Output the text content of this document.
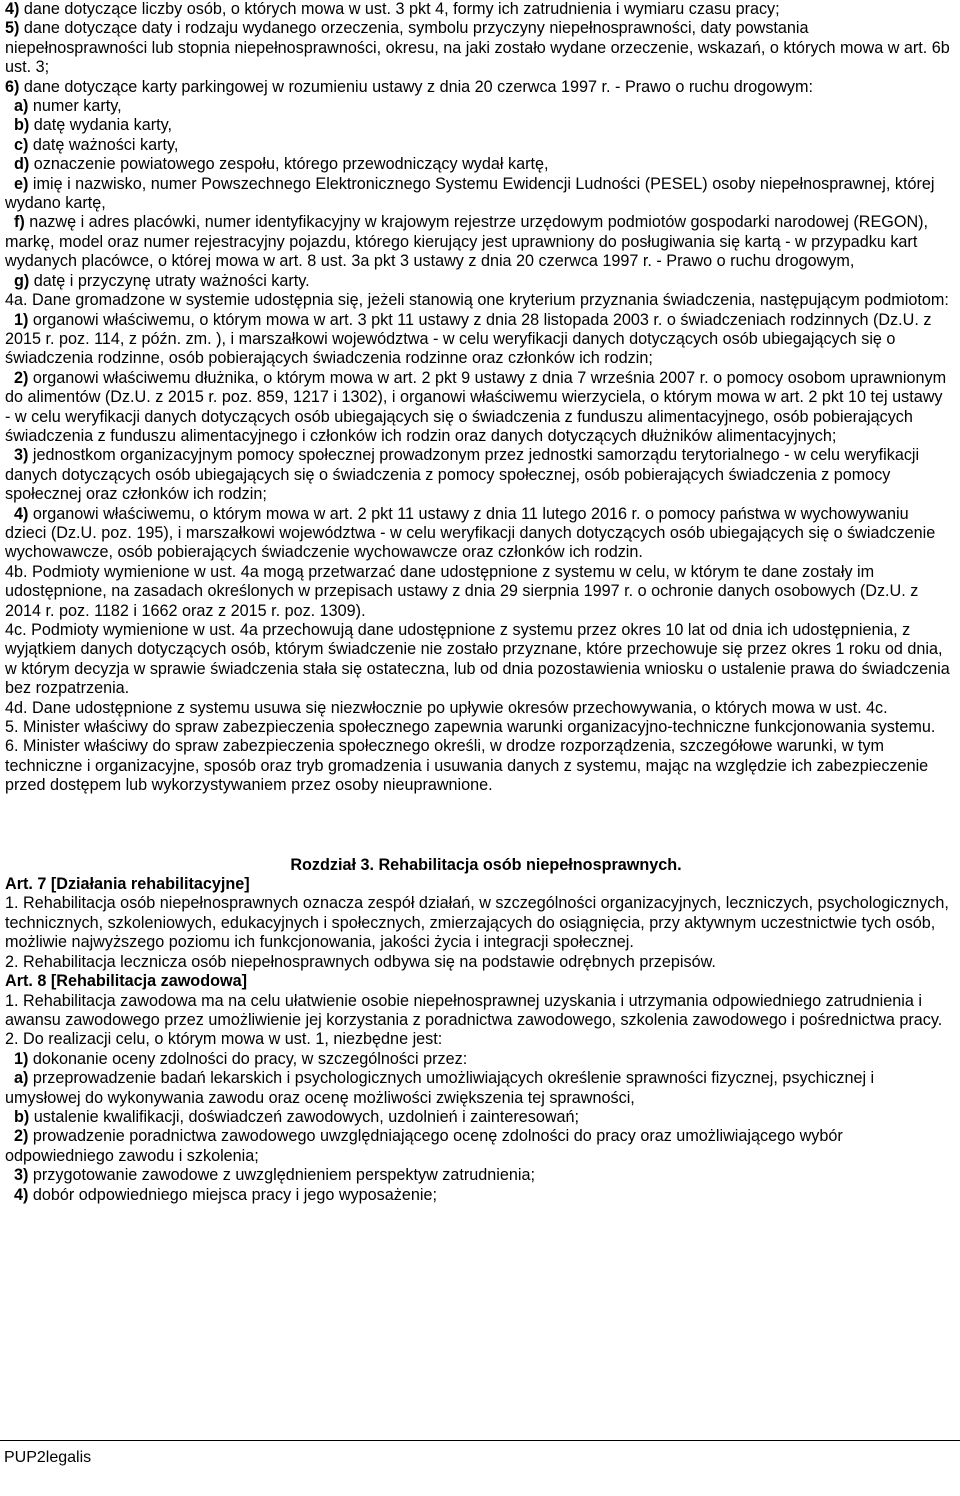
4) dane dotyczące liczby osób, o których mowa w ust. 3 pkt 4, formy ich zatrudnienia i wymiaru czasu pracy;

5) dane dotyczące daty i rodzaju wydanego orzeczenia, symbolu przyczyny niepełnosprawności, daty powstania niepełnosprawności lub stopnia niepełnosprawności, okresu, na jaki zostało wydane orzeczenie, wskazań, o których mowa w art. 6b ust. 3;

6) dane dotyczące karty parkingowej w rozumieniu ustawy z dnia 20 czerwca 1997 r. - Prawo o ruchu drogowym:

a) numer karty,

b) datę wydania karty,

c) datę ważności karty,

d) oznaczenie powiatowego zespołu, którego przewodniczący wydał kartę,

e) imię i nazwisko, numer Powszechnego Elektronicznego Systemu Ewidencji Ludności (PESEL) osoby niepełnosprawnej, której wydano kartę,

f) nazwę i adres placówki, numer identyfikacyjny w krajowym rejestrze urzędowym podmiotów gospodarki narodowej (REGON), markę, model oraz numer rejestracyjny pojazdu, którego kierujący jest uprawniony do posługiwania się kartą - w przypadku kart wydanych placówce, o której mowa w art. 8 ust. 3a pkt 3 ustawy z dnia 20 czerwca 1997 r. - Prawo o ruchu drogowym,

g) datę i przyczynę utraty ważności karty.

4a. Dane gromadzone w systemie udostępnia się, jeżeli stanowią one kryterium przyznania świadczenia, następującym podmiotom:

1) organowi właściwemu, o którym mowa w art. 3 pkt 11 ustawy z dnia 28 listopada 2003 r. o świadczeniach rodzinnych (Dz.U. z 2015 r. poz. 114, z późn. zm. ), i marszałkowi województwa - w celu weryfikacji danych dotyczących osób ubiegających się o świadczenia rodzinne, osób pobierających świadczenia rodzinne oraz członków ich rodzin;

2) organowi właściwemu dłużnika, o którym mowa w art. 2 pkt 9 ustawy z dnia 7 września 2007 r. o pomocy osobom uprawnionym do alimentów (Dz.U. z 2015 r. poz. 859, 1217 i 1302), i organowi właściwemu wierzyciela, o którym mowa w art. 2 pkt 10 tej ustawy - w celu weryfikacji danych dotyczących osób ubiegających się o świadczenia z funduszu alimentacyjnego, osób pobierających świadczenia z funduszu alimentacyjnego i członków ich rodzin oraz danych dotyczących dłużników alimentacyjnych;

3) jednostkom organizacyjnym pomocy społecznej prowadzonym przez jednostki samorządu terytorialnego - w celu weryfikacji danych dotyczących osób ubiegających się o świadczenia z pomocy społecznej, osób pobierających świadczenia z pomocy społecznej oraz członków ich rodzin;

4) organowi właściwemu, o którym mowa w art. 2 pkt 11 ustawy z dnia 11 lutego 2016 r. o pomocy państwa w wychowywaniu dzieci (Dz.U. poz. 195), i marszałkowi województwa - w celu weryfikacji danych dotyczących osób ubiegających się o świadczenie wychowawcze, osób pobierających świadczenie wychowawcze oraz członków ich rodzin.

4b. Podmioty wymienione w ust. 4a mogą przetwarzać dane udostępnione z systemu w celu, w którym te dane zostały im udostępnione, na zasadach określonych w przepisach ustawy z dnia 29 sierpnia 1997 r. o ochronie danych osobowych (Dz.U. z 2014 r. poz. 1182 i 1662 oraz z 2015 r. poz. 1309).

4c. Podmioty wymienione w ust. 4a przechowują dane udostępnione z systemu przez okres 10 lat od dnia ich udostępnienia, z wyjątkiem danych dotyczących osób, którym świadczenie nie zostało przyznane, które przechowuje się przez okres 1 roku od dnia, w którym decyzja w sprawie świadczenia stała się ostateczna, lub od dnia pozostawienia wniosku o ustalenie prawa do świadczenia bez rozpatrzenia.

4d. Dane udostępnione z systemu usuwa się niezwłocznie po upływie okresów przechowywania, o których mowa w ust. 4c.

5. Minister właściwy do spraw zabezpieczenia społecznego zapewnia warunki organizacyjno-techniczne funkcjonowania systemu.

6. Minister właściwy do spraw zabezpieczenia społecznego określi, w drodze rozporządzenia, szczegółowe warunki, w tym techniczne i organizacyjne, sposób oraz tryb gromadzenia i usuwania danych z systemu, mając na względzie ich zabezpieczenie przed dostępem lub wykorzystywaniem przez osoby nieuprawnione.

Rozdział 3. Rehabilitacja osób niepełnosprawnych.

Art. 7 [Działania rehabilitacyjne]

1. Rehabilitacja osób niepełnosprawnych oznacza zespół działań, w szczególności organizacyjnych, leczniczych, psychologicznych, technicznych, szkoleniowych, edukacyjnych i społecznych, zmierzających do osiągnięcia, przy aktywnym uczestnictwie tych osób, możliwie najwyższego poziomu ich funkcjonowania, jakości życia i integracji społecznej.

2. Rehabilitacja lecznicza osób niepełnosprawnych odbywa się na podstawie odrębnych przepisów.

Art. 8 [Rehabilitacja zawodowa]

1. Rehabilitacja zawodowa ma na celu ułatwienie osobie niepełnosprawnej uzyskania i utrzymania odpowiedniego zatrudnienia i awansu zawodowego przez umożliwienie jej korzystania z poradnictwa zawodowego, szkolenia zawodowego i pośrednictwa pracy.

2. Do realizacji celu, o którym mowa w ust. 1, niezbędne jest:

1) dokonanie oceny zdolności do pracy, w szczególności przez:

a) przeprowadzenie badań lekarskich i psychologicznych umożliwiających określenie sprawności fizycznej, psychicznej i umysłowej do wykonywania zawodu oraz ocenę możliwości zwiększenia tej sprawności,

b) ustalenie kwalifikacji, doświadczeń zawodowych, uzdolnień i zainteresowań;

2) prowadzenie poradnictwa zawodowego uwzględniającego ocenę zdolności do pracy oraz umożliwiającego wybór odpowiedniego zawodu i szkolenia;

3) przygotowanie zawodowe z uwzględnieniem perspektyw zatrudnienia;

4) dobór odpowiedniego miejsca pracy i jego wyposażenie;

PUP2legalis
